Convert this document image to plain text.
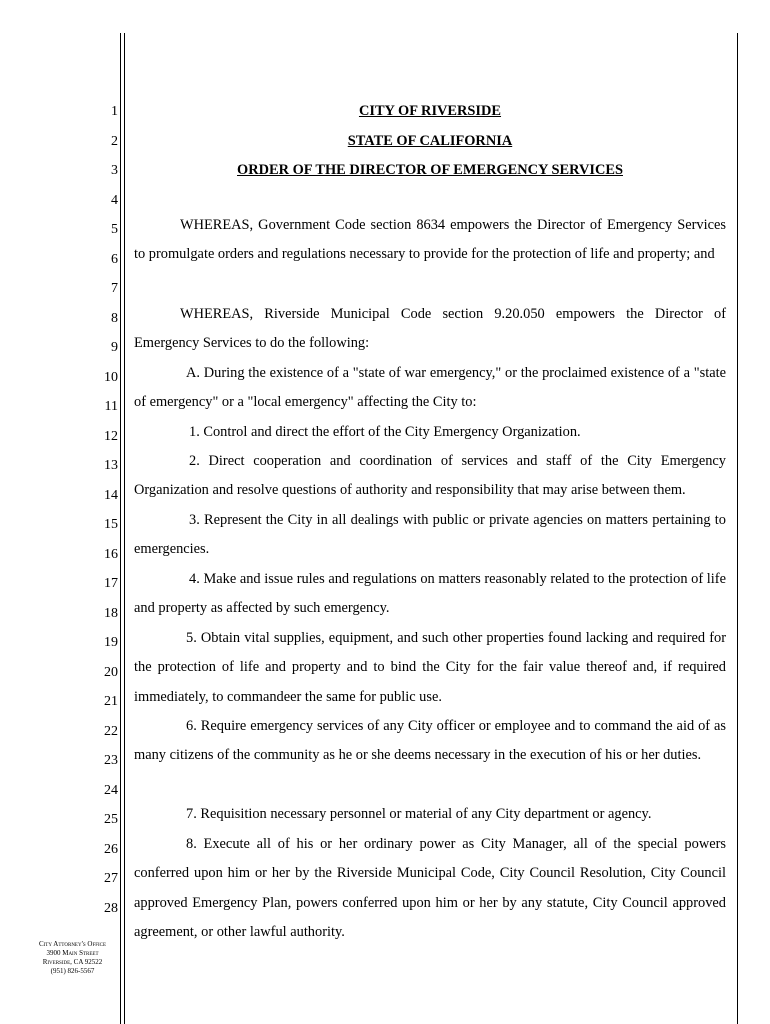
1
2
3
4
5
6
7
8
9
10
11
12
13
14
15
16
17
18
19
20
21
22
23
24
25
26
27
28
CITY OF RIVERSIDE
STATE OF CALIFORNIA
ORDER OF THE DIRECTOR OF EMERGENCY SERVICES

WHEREAS, Government Code section 8634 empowers the Director of Emergency Services to promulgate orders and regulations necessary to provide for the protection of life and property; and

WHEREAS, Riverside Municipal Code section 9.20.050 empowers the Director of Emergency Services to do the following:

A. During the existence of a "state of war emergency," or the proclaimed existence of a "state of emergency" or a "local emergency" affecting the City to:

1. Control and direct the effort of the City Emergency Organization.

2. Direct cooperation and coordination of services and staff of the City Emergency Organization and resolve questions of authority and responsibility that may arise between them.

3. Represent the City in all dealings with public or private agencies on matters pertaining to emergencies.

4. Make and issue rules and regulations on matters reasonably related to the protection of life and property as affected by such emergency.

5. Obtain vital supplies, equipment, and such other properties found lacking and required for the protection of life and property and to bind the City for the fair value thereof and, if required immediately, to commandeer the same for public use.

6. Require emergency services of any City officer or employee and to command the aid of as many citizens of the community as he or she deems necessary in the execution of his or her duties.

7. Requisition necessary personnel or material of any City department or agency.

8. Execute all of his or her ordinary power as City Manager, all of the special powers conferred upon him or her by the Riverside Municipal Code, City Council Resolution, City Council approved Emergency Plan, powers conferred upon him or her by any statute, City Council approved agreement, or other lawful authority.

City Attorney's Office
3900 Main Street
Riverside, CA 92522
(951) 826-5567
